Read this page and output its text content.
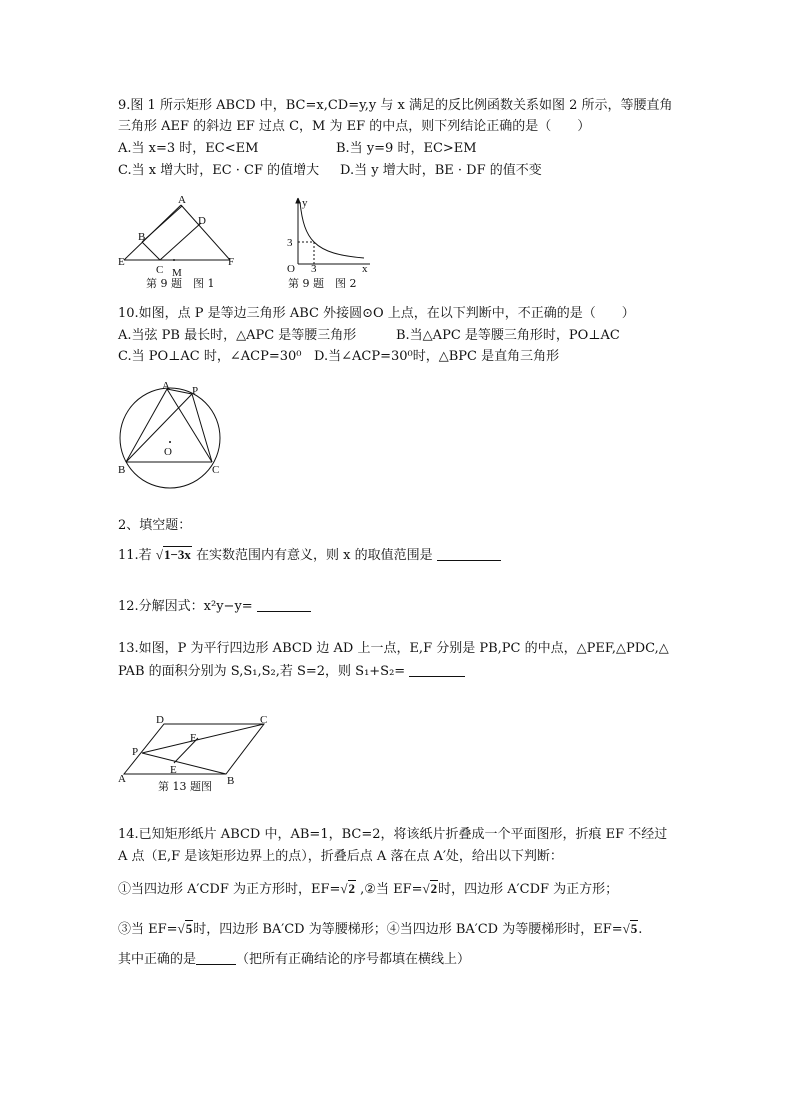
9.图 1 所示矩形 ABCD 中，BC=x,CD=y,y 与 x 满足的反比例函数关系如图 2 所示，等腰直角
三角形 AEF 的斜边 EF 过点 C，M 为 EF 的中点，则下列结论正确的是（　　）
A.当 x=3 时，EC<EM	B.当 y=9 时，EC>EM
C.当 x 增大时，EC · CF 的值增大 D.当 y 增大时，BE · DF 的值不变
A
B
C
D
E	F
M
第 9 题　图 1
y
x
O 3
3
第 9 题　图 2
10.如图，点 P 是等边三角形 ABC 外接圆⊙O 上点，在以下判断中，不正确的是（　　）
A.当弦 PB 最长时，△APC 是等腰三角形	B.当△APC 是等腰三角形时，PO⊥AC
C.当 PO⊥AC 时，∠ACP=30⁰ D.当∠ACP=30⁰时，△BPC 是直角三角形
A P
B	C
O
2、填空题：
11.若 √1−3x 在实数范围内有意义，则 x 的取值范围是
12.分解因式：x²y−y=
13.如图，P 为平行四边形 ABCD 边 AD 上一点，E,F 分别是 PB,PC 的中点，△PEF,△PDC,△
PAB 的面积分别为 S,S₁,S₂,若 S=2，则 S₁+S₂=
A	B
C
D
P
E
F
第 13 题图
14.已知矩形纸片 ABCD 中，AB=1，BC=2，将该纸片折叠成一个平面图形，折痕 EF 不经过
A 点（E,F 是该矩形边界上的点），折叠后点 A 落在点 A′处，给出以下判断：
①当四边形 A′CDF 为正方形时，EF=√2 ,②当 EF=√2时，四边形 A′CDF 为正方形；
③当 EF=√5时，四边形 BA′CD 为等腰梯形；④当四边形 BA′CD 为等腰梯形时，EF=√5.
其中正确的是	（把所有正确结论的序号都填在横线上）
